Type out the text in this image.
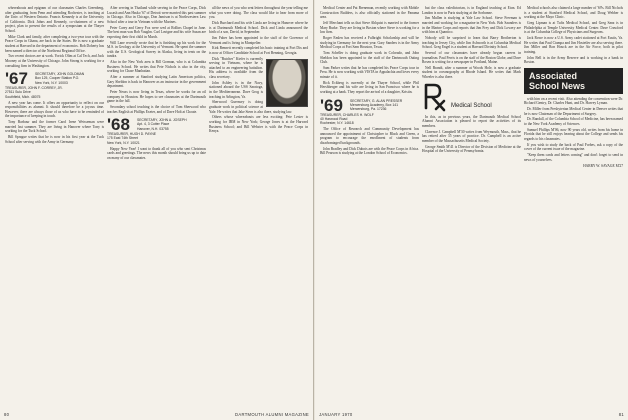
whereabouts and epigram of our classmates Charles Greenberg, after graduating from Penn and attending Rochester, is teaching at the Univ. of Western Ontario. Francis Kennedy is at the University of California. Dick Johns and Kennedy, co-chairmen of a new project, plan to present the results of a symposium at the Thayer School.

Mike Clark and family, after completing a two-year tour with the Peace Corps in Ghana, are back in the States. He is now a graduate student at Harvard in the department of economics. Bob Doherty has been named a director of the Northeast Regional Office.

Two recent doctors are at work. Yorick Olim at Cal Tech, and Jack Mooney at the University of Chicago. John Strong is working for a consulting firm in Washington.

'67	SECRETARY, JOHN GOLDMAN
Box 125, Cooper Station P.O.
New York, N.Y. 10003
TREASURER, JOHN F. CORREY, JR.
27511 Sulu Drive
Southfield, Mich. 48075

A new year has come. It offers an opportunity to reflect on our responsibilities as alumni. It should therefore be a joyous time. However, there are always those of us who have to be reminded of the importance of keeping in touch.

Tony Barbour and the former Carol Irene Weisseman were married last summer. They are living in Hanover where Tony is working for the Tuck School.

Bill Sprague writes that he is now in his first year at the Tuck School after serving with the Army in Germany.

After serving in Thailand while serving in the Peace Corps, Dick Lucash and Ann Hasko '67 of Detroit were married this past summer in Chicago. Also in Chicago, Don Jamison is at Northwestern Law School after a tour in Vietnam with the Marines.

Peter Carey and Gerry Fox were wed at Rollins Chapel in June. The best man was Bob Vaughn. Carl Lavigne and his wife Susan are expecting their first child in March.

Will Lane recently wrote that he is finishing up his work for the M.S. in Geology at the University of Vermont. He spent the summer with the U.S. Geological Survey in Alaska, living in tents on the tundra.

Also in the New York area is Bill Gorman, who is at Columbia Business School. He writes that Pete Nichols is also in the city, working for Chase Manhattan.

After a summer at Stanford studying Latin American politics, Gary Sheldon is back in Hanover as an instructor in the government department.

Peter Neuss is now living in Texas, where he works for an oil company in Houston. He hopes to see classmates at the Dartmouth game in the fall.

Secondary school teaching is the choice of Tom Sherwood who teaches English at Phillips Exeter, and of Dave Holt at Choate.

'68	SECRETARY, JOHN A. JOSEPH
Apt. 4, 3 Cotter Place
Hanover, N.H. 03755
TREASURER, HUGH D. PAYNE
175 East 74th Street
New York, N.Y. 10021

Happy New Year! I want to thank all of you who sent Christmas cards and greetings. The news this month should bring us up to date on many of our classmates.

all the news of you who sent letters throughout the year telling me what you were doing. The class would like to hear from more of you.

Dick Burchard and his wife Linda are living in Hanover where he is at Dartmouth Medical School. Dick and Linda announced the birth of a son, David, in September.

Jim Faber has been appointed to the staff of the Governor of Vermont and is living in Montpelier.

Kirk Bennett recently completed his basic training at Fort Dix and is now at Officer Candidate School at Fort Benning, Georgia.

Dick "Butcher" Kiefer is currently serving in Vietnam, where he is attached to an engineering battalion. His address is available from the class secretary.

John Ashley is in the Navy, stationed aboard the USS Saratoga, in the Mediterranean. Dave Grog is teaching in Arlington, Va.

Sherwood Guernsey is doing graduate work in political science at Yale. He writes that Jake Stern is also there, studying law.

Others whose whereabouts are less exciting: Pete Lester is working for IBM in New York; George Jones is at the Harvard Business School; and Bill Webster is with the Peace Corps in Kenya.

80	DARTMOUTH ALUMNI MAGAZINE

Medical Center and Pat Breneman, recently working with Mobile Construction Builders, is also officially stationed in the Panama area.

Jeff Merchant tells us that Steve Ahlquist is married to the former Mary Burke. They are living in Boston where Steve is working for a law firm.

Roger Emlen has received a Fulbright Scholarship and will be studying in Germany for the next year. Gary Sanders is in the Army Medical Corps at Fort Sam Houston, Texas.

Tom Scheller is doing graduate work in Colorado, and John Sheldon has been appointed to the staff of the Dartmouth Outing Club.

Sam Parker writes that he has completed his Peace Corps tour in Peru. He is now working with VISTA in Appalachia and loves every minute of it.

Rick Eckberg is currently at the Thayer School, while Phil Hershberger and his wife are living in San Francisco where he is working at a bank. They report the arrival of a daughter, Kristin.

'69	SECRETARY, G. ALAN PRESSER
Mercersburg Academy, Box 141
Mercersburg, Pa. 17236
TREASURER, CHARLES H. WOLF
40 Harwood Road
Rochester, N.Y. 14618

The Office of Research and Community Development has announced the appointment of Christopher to Black and Green, a program to encourage the enrollment of students from disadvantaged backgrounds.

John Bradley and Dick Dubois are with the Peace Corps in Africa. Bill Pearson is studying at the London School of Economics.

but the class valedictorian, is in England teaching at Eton. Ed Landon is now in Paris studying at the Sorbonne.

Jim Mullen is studying at Yale Law School. Steve Freeman is married and working for a magazine in New York. Bob Saunders is in the Marine Corps and reports that Jim Frey and Dick Lowery are with him at Quantico.

Nobody will be surprised to learn that Barry Brotherton is teaching in Jersey City, while Jim Ashworth is at Columbia Medical School. Greg Engel is a student at Harvard Divinity School.

Several of our classmates have already begun careers in journalism. Paul Ferris is on the staff of the Boston Globe, and Dave Rosen is writing for a newspaper in Portland, Maine.

Nell Brandt, after a summer at Woods Hole, is now a graduate student in oceanography at Rhode Island. He writes that Mark Wheeler is also there.

Medical School

In this, as in previous years, the Dartmouth Medical School Alumni Association is pleased to report the activities of its members.

Clarence J. Campbell M'30 writes from Weymouth, Mass., that he has retired after 35 years of practice. Dr. Campbell is an active member of the Massachusetts Medical Society.

George Smith M'41 is Director of the Division of Medicine at the Hospital of the University of Pennsylvania.

Medical schools also claimed a large number of '69's. Bill Nichols is a student at Stanford Medical School, and Doug Webber is working at the Mayo Clinic.

Greg Lipman is at Tufts Medical School, and Greg Sanz is in Philadelphia at Temple University Medical Center. Dave Crawford is at the Columbia College of Physicians and Surgeons.

Jack Rowe is now a U.S. Army cadet stationed at Fort Eustis, Va. He writes that Paul Ciampa and Jim Hostetler are also serving there. Jim Miller and Ron Houck are in the Air Force, both in pilot training.

John Bell is in the Army Reserve and is working in a bank in Boston.

Associated
School News

with him on a recent visit. Also attending the convention were Dr. Richard Gentry, Dr. Charles Hunt, and Dr. Harvey Lyman.

Dr. Miller from Presbyterian Medical Center in Denver writes that he is now Chairman of the Department of Surgery.

Dr. Randall, of the Columbia School of Medicine, has been named to the New York Academy of Sciences.

Samuel Phillips M'06, now 90 years old, writes from his home in Florida that he still enjoys hearing about the College and sends his regards to his classmates.

If you wish to study the back of Paul Forbes, ask a copy of the cover of the current issue of the magazine.

"Keep them cards and letters coming" and don't forget to send in news of yourselves.

HARRY W. SAVAGE M'27

JANUARY 1970	81
